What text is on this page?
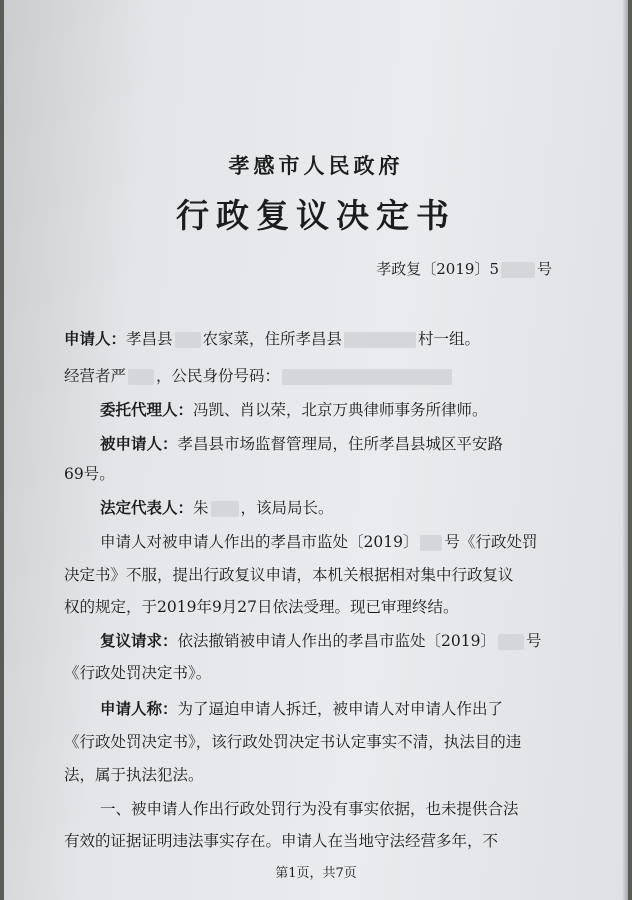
孝感市人民政府
行政复议决定书
孝政复〔2019〕5	号
申请人：孝昌县 农家菜，住所孝昌县	村一组。
经营者严 ，公民身份号码：
委托代理人：冯凯、肖以荣，北京万典律师事务所律师。
被申请人：孝昌县市场监督管理局，住所孝昌县城区平安路
69号。
法定代表人：朱 ，该局局长。
申请人对被申请人作出的孝昌市监处〔2019〕 号《行政处罚
决定书》不服，提出行政复议申请，本机关根据相对集中行政复议
权的规定，于2019年9月27日依法受理。现已审理终结。
复议请求：依法撤销被申请人作出的孝昌市监处〔2019〕 号
《行政处罚决定书》。
申请人称：为了逼迫申请人拆迁，被申请人对申请人作出了
《行政处罚决定书》，该行政处罚决定书认定事实不清，执法目的违
法，属于执法犯法。
一、被申请人作出行政处罚行为没有事实依据，也未提供合法
有效的证据证明违法事实存在。申请人在当地守法经营多年，不
第1页，共7页
